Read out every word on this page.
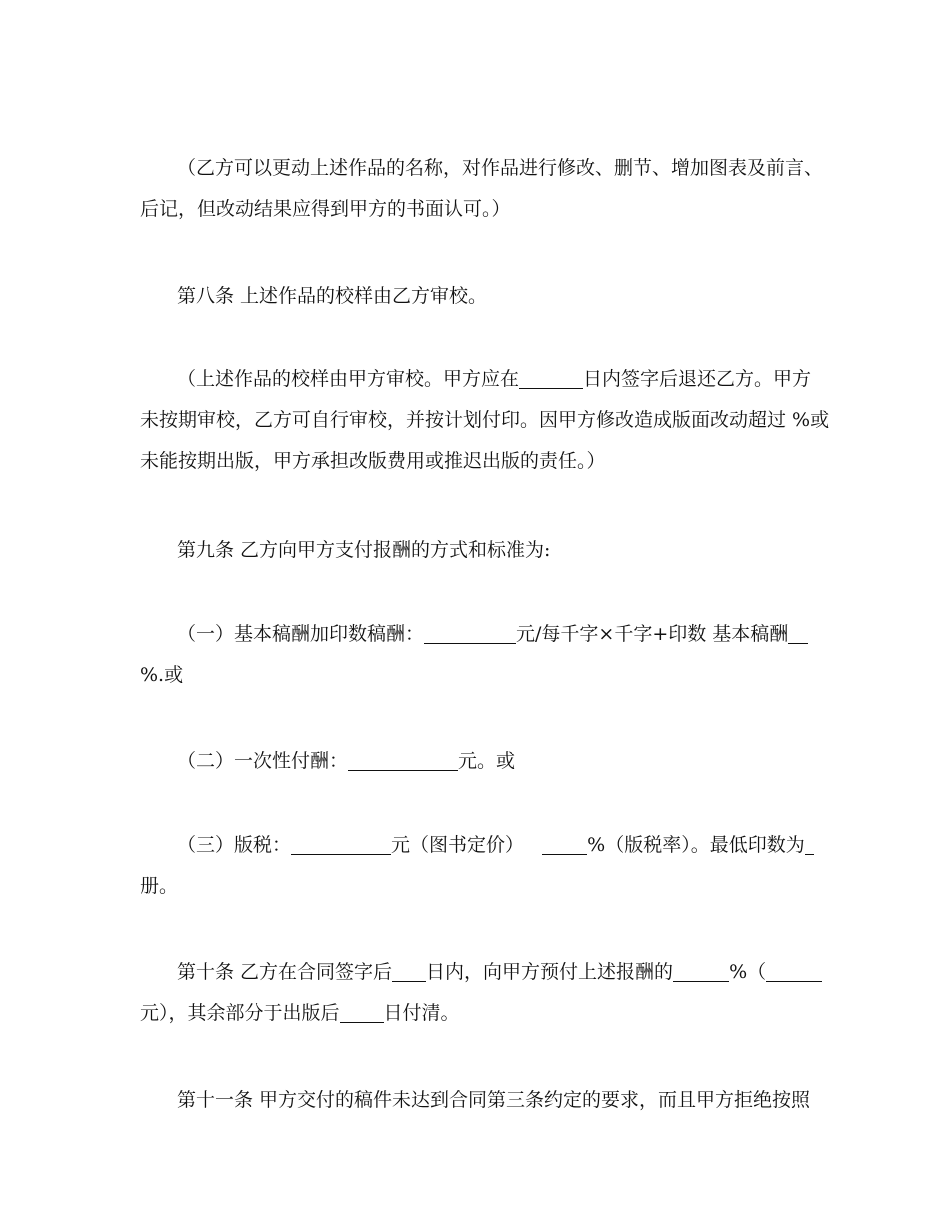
（乙方可以更动上述作品的名称，对作品进行修改、删节、增加图表及前言、
后记，但改动结果应得到甲方的书面认可。）
第八条 上述作品的校样由乙方审校。
（上述作品的校样由甲方审校。甲方应在	日内签字后退还乙方。甲方
未按期审校，乙方可自行审校，并按计划付印。因甲方修改造成版面改动超过 %或
未能按期出版，甲方承担改版费用或推迟出版的责任。）
第九条 乙方向甲方支付报酬的方式和标准为:
（一）基本稿酬加印数稿酬：	元/每千字×千字+印数 基本稿酬
%.或
（二）一次性付酬：	元。或
（三）版税：	元（图书定价）   %（版税率）。最低印数为
册。
第十条 乙方在合同签字后 日内，向甲方预付上述报酬的	%（
元），其余部分于出版后 日付清。
第十一条 甲方交付的稿件未达到合同第三条约定的要求，而且甲方拒绝按照
